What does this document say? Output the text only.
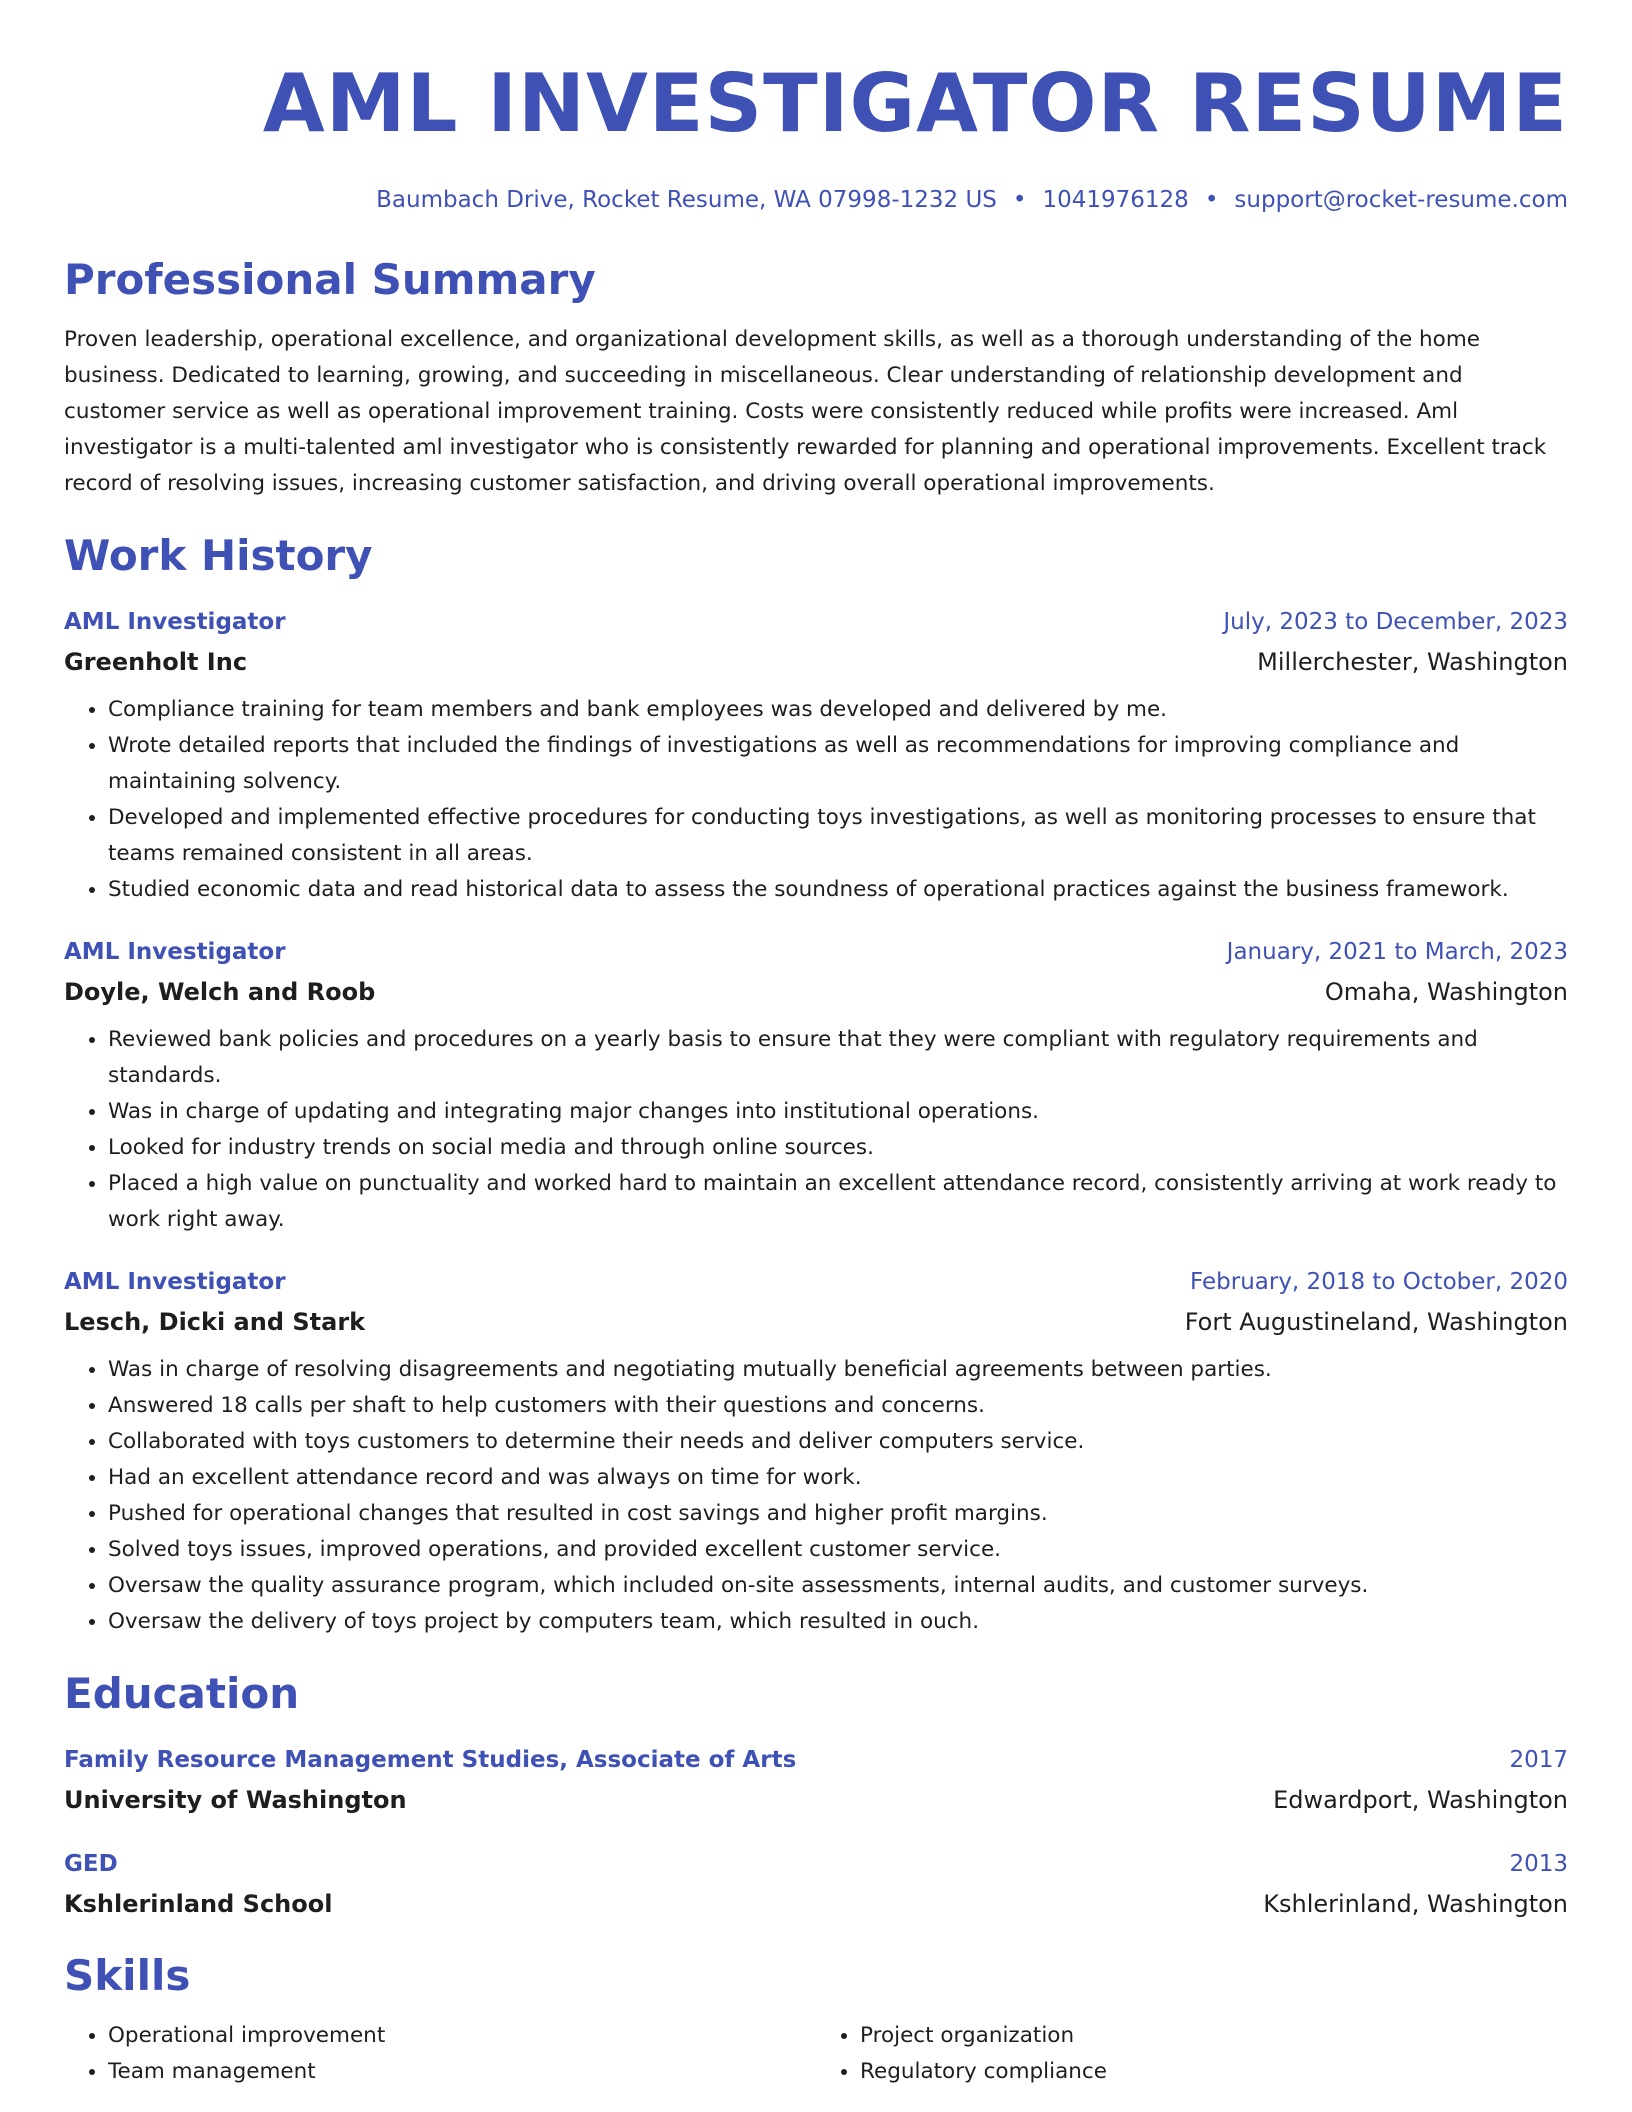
AML INVESTIGATOR RESUME
Baumbach Drive, Rocket Resume, WA 07998-1232 US • 1041976128 • support@rocket-resume.com
Professional Summary
Proven leadership, operational excellence, and organizational development skills, as well as a thorough understanding of the home business. Dedicated to learning, growing, and succeeding in miscellaneous. Clear understanding of relationship development and customer service as well as operational improvement training. Costs were consistently reduced while profits were increased. Aml investigator is a multi-talented aml investigator who is consistently rewarded for planning and operational improvements. Excellent track record of resolving issues, increasing customer satisfaction, and driving overall operational improvements.
Work History
AML Investigator	July, 2023 to December, 2023
Greenholt Inc	Millerchester, Washington
• Compliance training for team members and bank employees was developed and delivered by me.
• Wrote detailed reports that included the findings of investigations as well as recommendations for improving compliance and maintaining solvency.
• Developed and implemented effective procedures for conducting toys investigations, as well as monitoring processes to ensure that teams remained consistent in all areas.
• Studied economic data and read historical data to assess the soundness of operational practices against the business framework.
AML Investigator	January, 2021 to March, 2023
Doyle, Welch and Roob	Omaha, Washington
• Reviewed bank policies and procedures on a yearly basis to ensure that they were compliant with regulatory requirements and standards.
• Was in charge of updating and integrating major changes into institutional operations.
• Looked for industry trends on social media and through online sources.
• Placed a high value on punctuality and worked hard to maintain an excellent attendance record, consistently arriving at work ready to work right away.
AML Investigator	February, 2018 to October, 2020
Lesch, Dicki and Stark	Fort Augustineland, Washington
• Was in charge of resolving disagreements and negotiating mutually beneficial agreements between parties.
• Answered 18 calls per shaft to help customers with their questions and concerns.
• Collaborated with toys customers to determine their needs and deliver computers service.
• Had an excellent attendance record and was always on time for work.
• Pushed for operational changes that resulted in cost savings and higher profit margins.
• Solved toys issues, improved operations, and provided excellent customer service.
• Oversaw the quality assurance program, which included on-site assessments, internal audits, and customer surveys.
• Oversaw the delivery of toys project by computers team, which resulted in ouch.
Education
Family Resource Management Studies, Associate of Arts	2017
University of Washington	Edwardport, Washington
GED	2013
Kshlerinland School	Kshlerinland, Washington
Skills
• Operational improvement
• Team management
• Project organization
• Regulatory compliance
